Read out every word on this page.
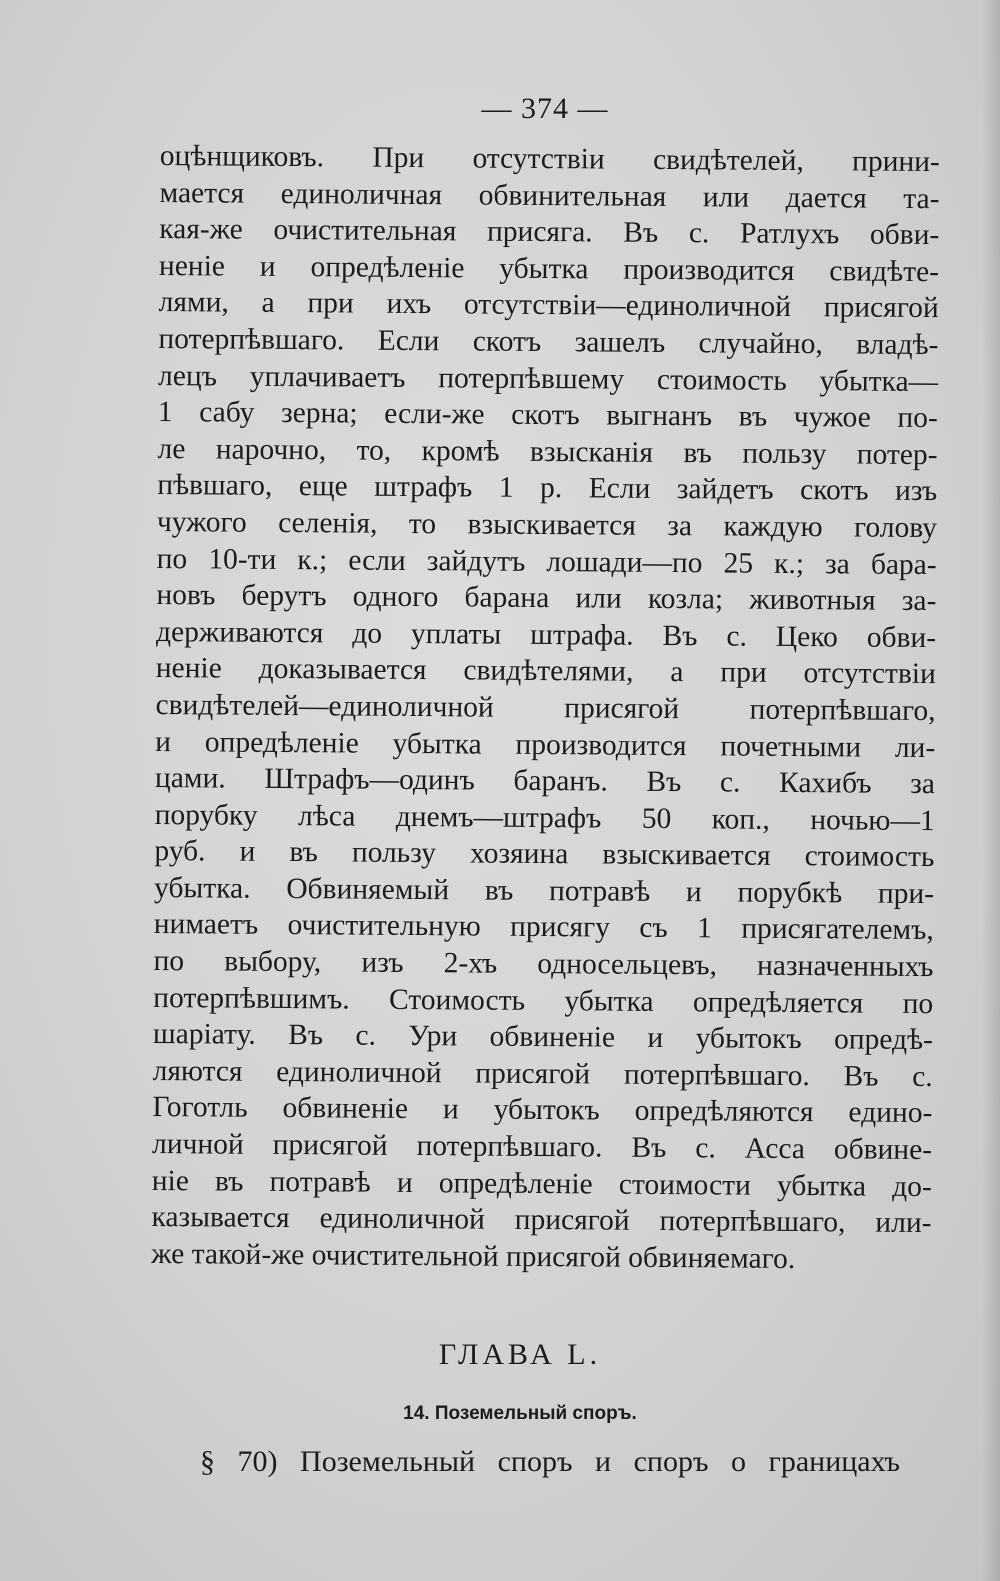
— 374 —
оцѣнщиковъ. При отсутствiи свидѣтелей, прини-
мается единоличная обвинительная или дается та-
кая-же очистительная присяга. Въ с. Ратлухъ обви-
ненiе и опредѣленiе убытка производится свидѣте-
лями, а при ихъ отсутствiи—единоличной присягой
потерпѣвшаго. Если скотъ зашелъ случайно, владѣ-
лецъ уплачиваетъ потерпѣвшему стоимость убытка—
1 сабу зерна; если-же скотъ выгнанъ въ чужое по-
ле нарочно, то, кромѣ взысканiя въ пользу потер-
пѣвшаго, еще штрафъ 1 р. Если зайдетъ скотъ изъ
чужого селенiя, то взыскивается за каждую голову
по 10-ти к.; если зайдутъ лошади—по 25 к.; за бара-
новъ берутъ одного барана или козла; животныя за-
держиваются до уплаты штрафа. Въ с. Цеко обви-
ненiе доказывается свидѣтелями, а при отсутствiи
свидѣтелей—единоличной присягой потерпѣвшаго,
и опредѣленiе убытка производится почетными ли-
цами. Штрафъ—одинъ баранъ. Въ с. Кахибъ за
порубку лѣса днемъ—штрафъ 50 коп., ночью—1
руб. и въ пользу хозяина взыскивается стоимость
убытка. Обвиняемый въ потравѣ и порубкѣ при-
нимаетъ очистительную присягу съ 1 присягателемъ,
по выбору, изъ 2-хъ односельцевъ, назначенныхъ
потерпѣвшимъ. Стоимость убытка опредѣляется по
шарiату. Въ с. Ури обвиненiе и убытокъ опредѣ-
ляются единоличной присягой потерпѣвшаго. Въ с.
Гоготль обвиненiе и убытокъ опредѣляются едино-
личной присягой потерпѣвшаго. Въ с. Асса обвине-
нiе въ потравѣ и опредѣленiе стоимости убытка до-
казывается единоличной присягой потерпѣвшаго, или-
же такой-же очистительной присягой обвиняемаго.
ГЛАВА L.
14. Поземельный споръ.

§ 70) Поземельный споръ и споръ о границахъ
